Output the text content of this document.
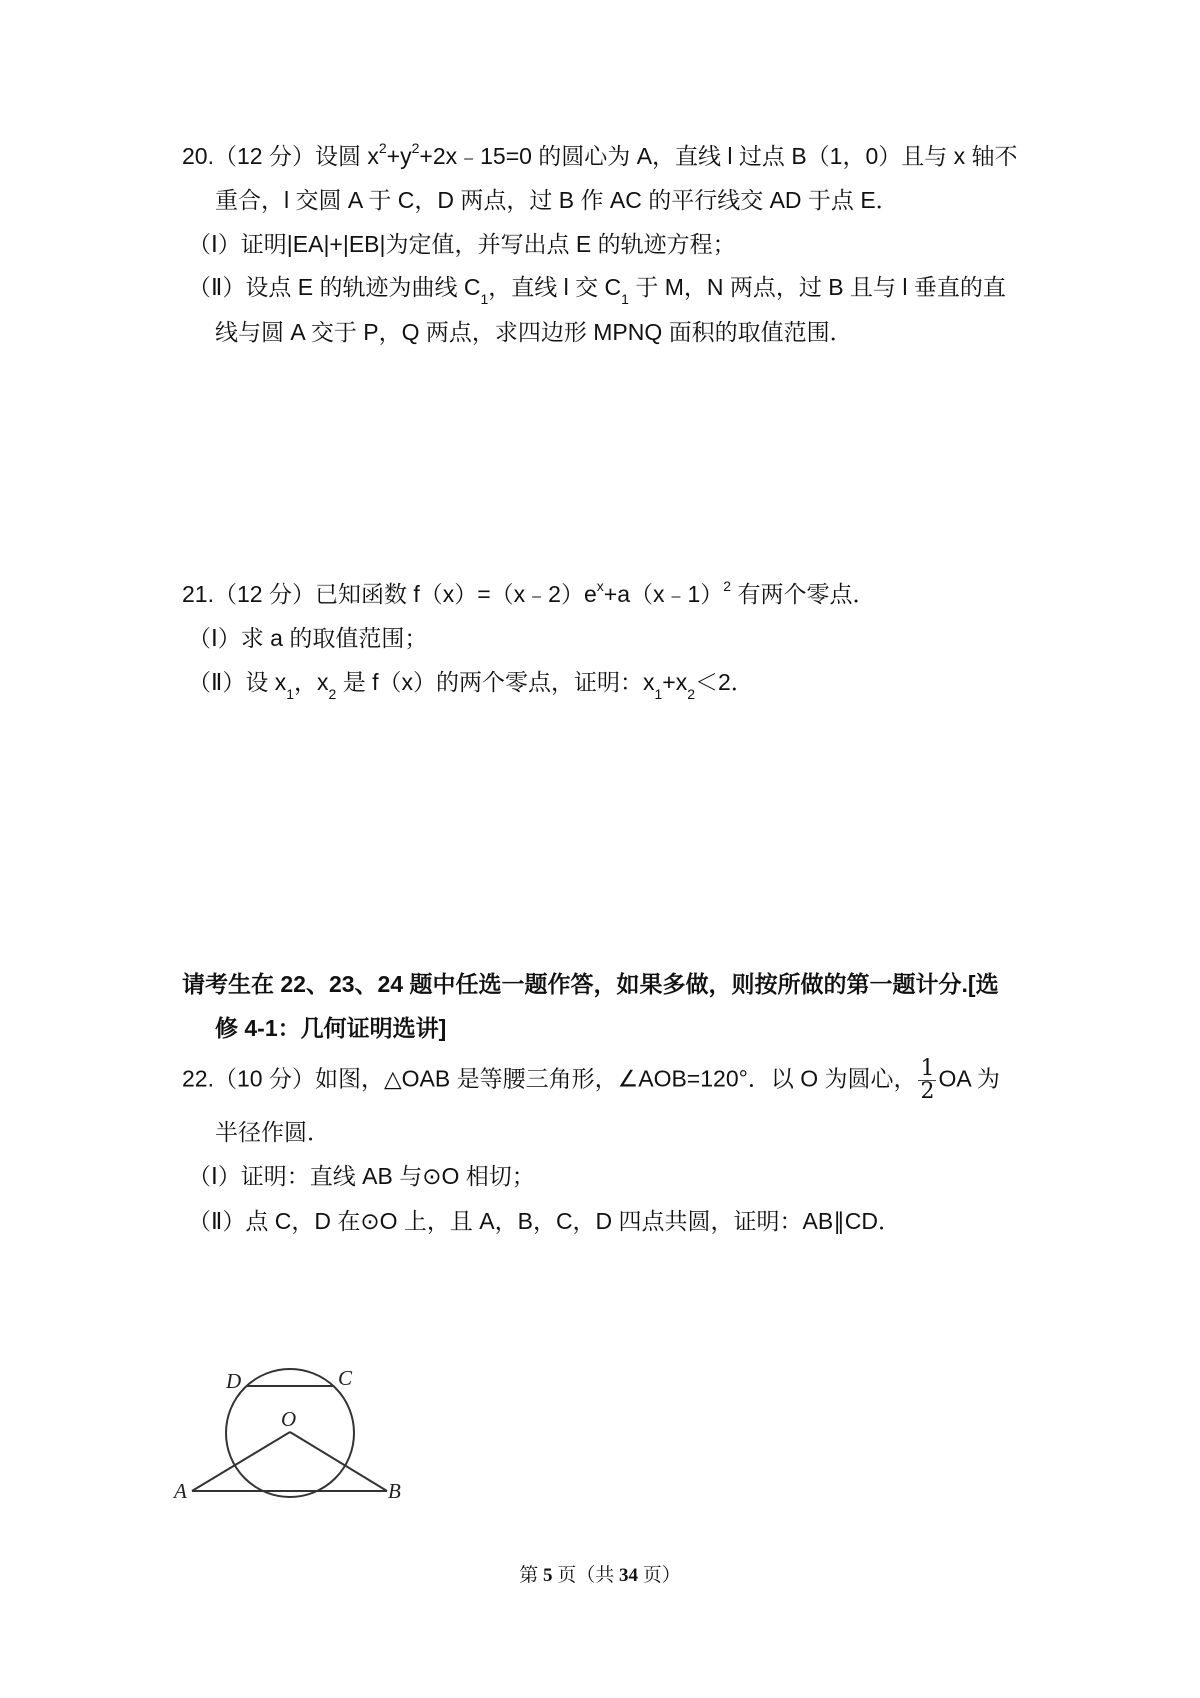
20.（12 分）设圆 $x^2+y^2+2x﹣15=0$ 的圆心为 A，直线 l 过点 B（1，0）且与 x 轴不
重合，l 交圆 A 于 C，D 两点，过 B 作 AC 的平行线交 AD 于点 E．
（Ⅰ）证明|EA|+|EB|为定值，并写出点 E 的轨迹方程；
（Ⅱ）设点 E 的轨迹为曲线 $C_1$，直线 l 交 $C_1$ 于 M，N 两点，过 B 且与 l 垂直的直
线与圆 A 交于 P，Q 两点，求四边形 MPNQ 面积的取值范围．
21.（12 分）已知函数 $f(x)=(x﹣2)e^x+a(x﹣1)^2$ 有两个零点．
（Ⅰ）求 a 的取值范围；
（Ⅱ）设 $x_1$，$x_2$ 是 f（x）的两个零点，证明：$x_1+x_2<2$．
请考生在 22、23、24 题中任选一题作答，如果多做，则按所做的第一题计分.[选
修 4-1：几何证明选讲]
22.（10 分）如图，△OAB 是等腰三角形，∠AOB=120°．以 O 为圆心， $\frac{1}{2}$ OA 为
半径作圆．
（Ⅰ）证明：直线 AB 与⊙O 相切；
（Ⅱ）点 C，D 在⊙O 上，且 A，B，C，D 四点共圆，证明：AB∥CD．
D	C
O
A	B
第 5 页（共 34 页）
